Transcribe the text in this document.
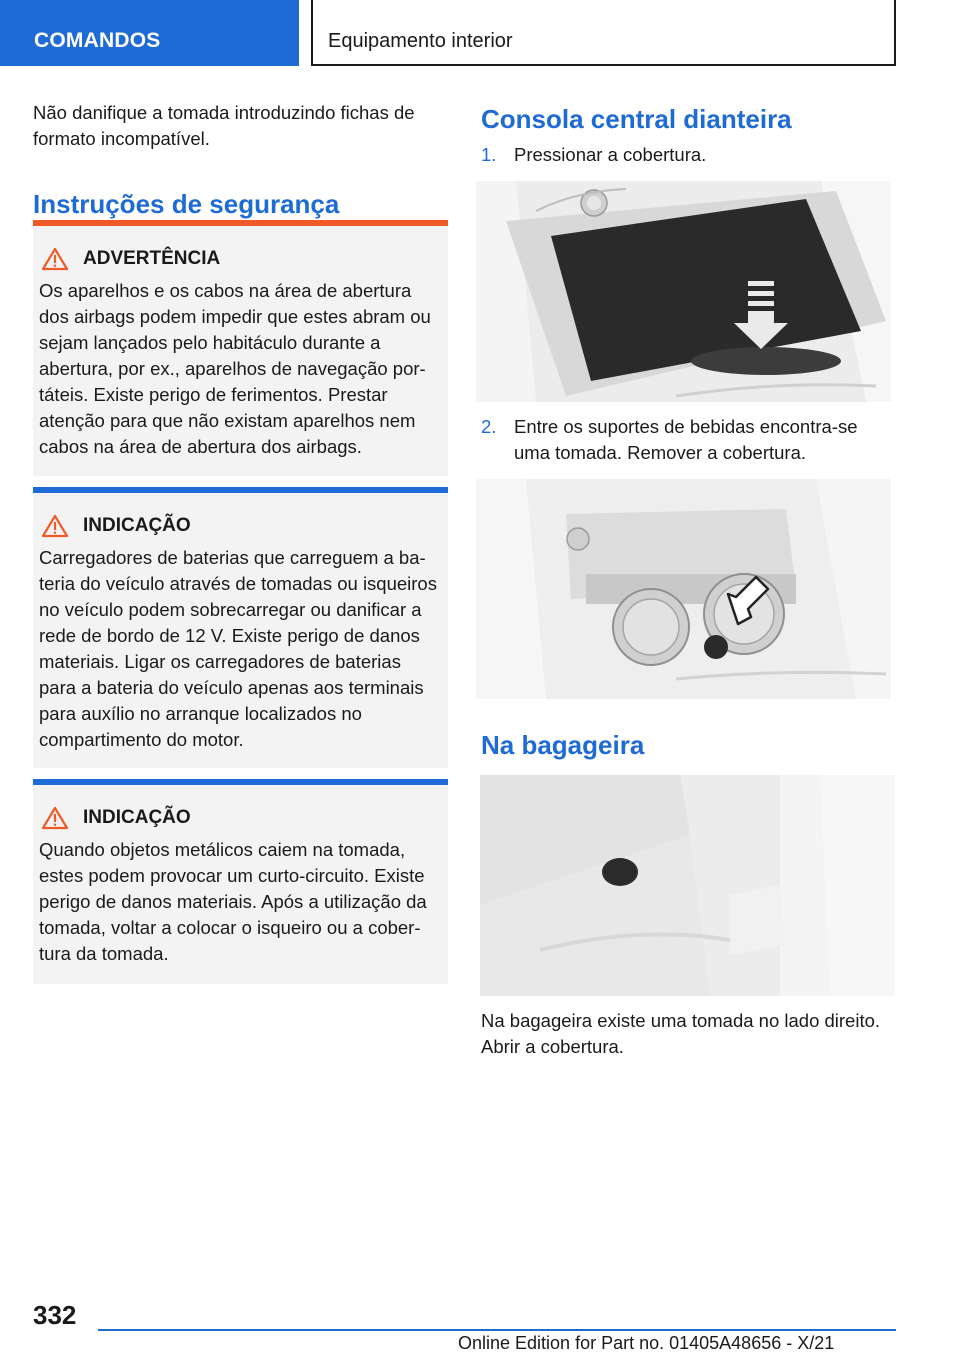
COMANDOS	Equipamento interior

Não danifique a tomada introduzindo fichas de formato incompatível.

Instruções de segurança
ADVERTÊNCIA

Os aparelhos e os cabos na área de abertura dos airbags podem impedir que estes abram ou sejam lançados pelo habitáculo durante a abertura, por ex., aparelhos de navegação portáteis. Existe perigo de ferimentos. Prestar atenção para que não existam aparelhos nem cabos na área de abertura dos airbags.

INDICAÇÃO

Carregadores de baterias que carreguem a bateria do veículo através de tomadas ou isqueiros no veículo podem sobrecarregar ou danificar a rede de bordo de 12 V. Existe perigo de danos materiais. Ligar os carregadores de baterias para a bateria do veículo apenas aos terminais para auxílio no arranque localizados no compartimento do motor.

INDICAÇÃO

Quando objetos metálicos caiem na tomada, estes podem provocar um curto-circuito. Existe perigo de danos materiais. Após a utilização da tomada, voltar a colocar o isqueiro ou a cobertura da tomada.

Consola central dianteira
1. Pressionar a cobertura.
2. Entre os suportes de bebidas encontra-se uma tomada. Remover a cobertura.
Na bagageira

Na bagageira existe uma tomada no lado direito. Abrir a cobertura.

332
Online Edition for Part no. 01405A48656 - X/21
